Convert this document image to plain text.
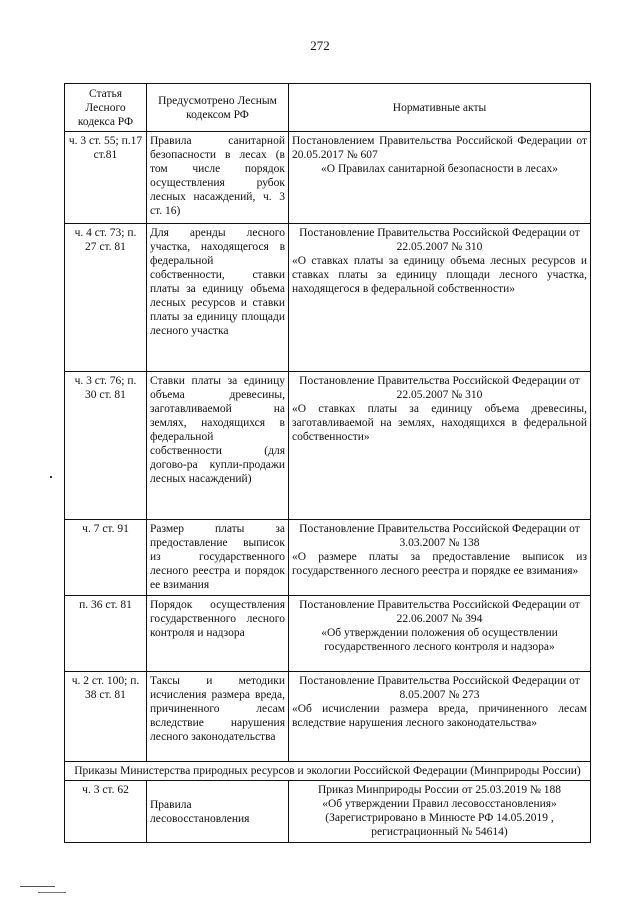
272
Статья Лесного кодекса РФ	Предусмотрено Лесным кодексом РФ	Нормативные акты
ч. 3 ст. 55; п.17 ст.81	Правила санитарной безопасности в лесах (в том числе порядок осуществления рубок лесных насаждений, ч. 3 ст. 16)	Постановлением Правительства Российской Федерации от 20.05.2017 № 607
«О Правилах санитарной безопасности в лесах»

ч. 4 ст. 73; п. 27 ст. 81	Для аренды лесного участка, находящегося в федеральной собственности, ставки платы за единицу объема лесных ресурсов и ставки платы за единицу площади лесного участка	Постановление Правительства Российской Федерации от 22.05.2007 № 310
«О ставках платы за единицу объема лесных ресурсов и ставках платы за единицу площади лесного участка, находящегося в федеральной собственности»

ч. 3 ст. 76; п. 30 ст. 81	Ставки платы за единицу объема древесины, заготавливаемой на землях, находящихся в федеральной собственности (для догово-ра купли-продажи лесных насаждений)	Постановление Правительства Российской Федерации от 22.05.2007 № 310
«О ставках платы за единицу объема древесины, заготавливаемой на землях, находящихся в федеральной собственности»

ч. 7 ст. 91	Размер платы за предоставление выписок из государственного лесного реестра и порядок ее взимания	Постановление Правительства Российской Федерации от 3.03.2007 № 138
«О размере платы за предоставление выписок из государственного лесного реестра и порядке ее взимания»

п. 36 ст. 81	Порядок осуществления государственного лесного контроля и надзора	Постановление Правительства Российской Федерации от 22.06.2007 № 394
«Об утверждении положения об осуществлении государственного лесного контроля и надзора»

ч. 2 ст. 100; п. 38 ст. 81	Таксы и методики исчисления размера вреда, причиненного лесам вследствие нарушения лесного законодательства	Постановление Правительства Российской Федерации от 8.05.2007 № 273
«Об исчислении размера вреда, причиненного лесам вследствие нарушения лесного законодательства»

Приказы Министерства природных ресурсов и экологии Российской Федерации (Минприроды России)		
ч. 3 ст. 62	Правила лесовосстановления	Приказ Минприроды России от 25.03.2019 № 188
«Об утверждении Правил лесовосстановления» (Зарегистрировано в Минюсте РФ 14.05.2019 , регистрационный № 54614)
